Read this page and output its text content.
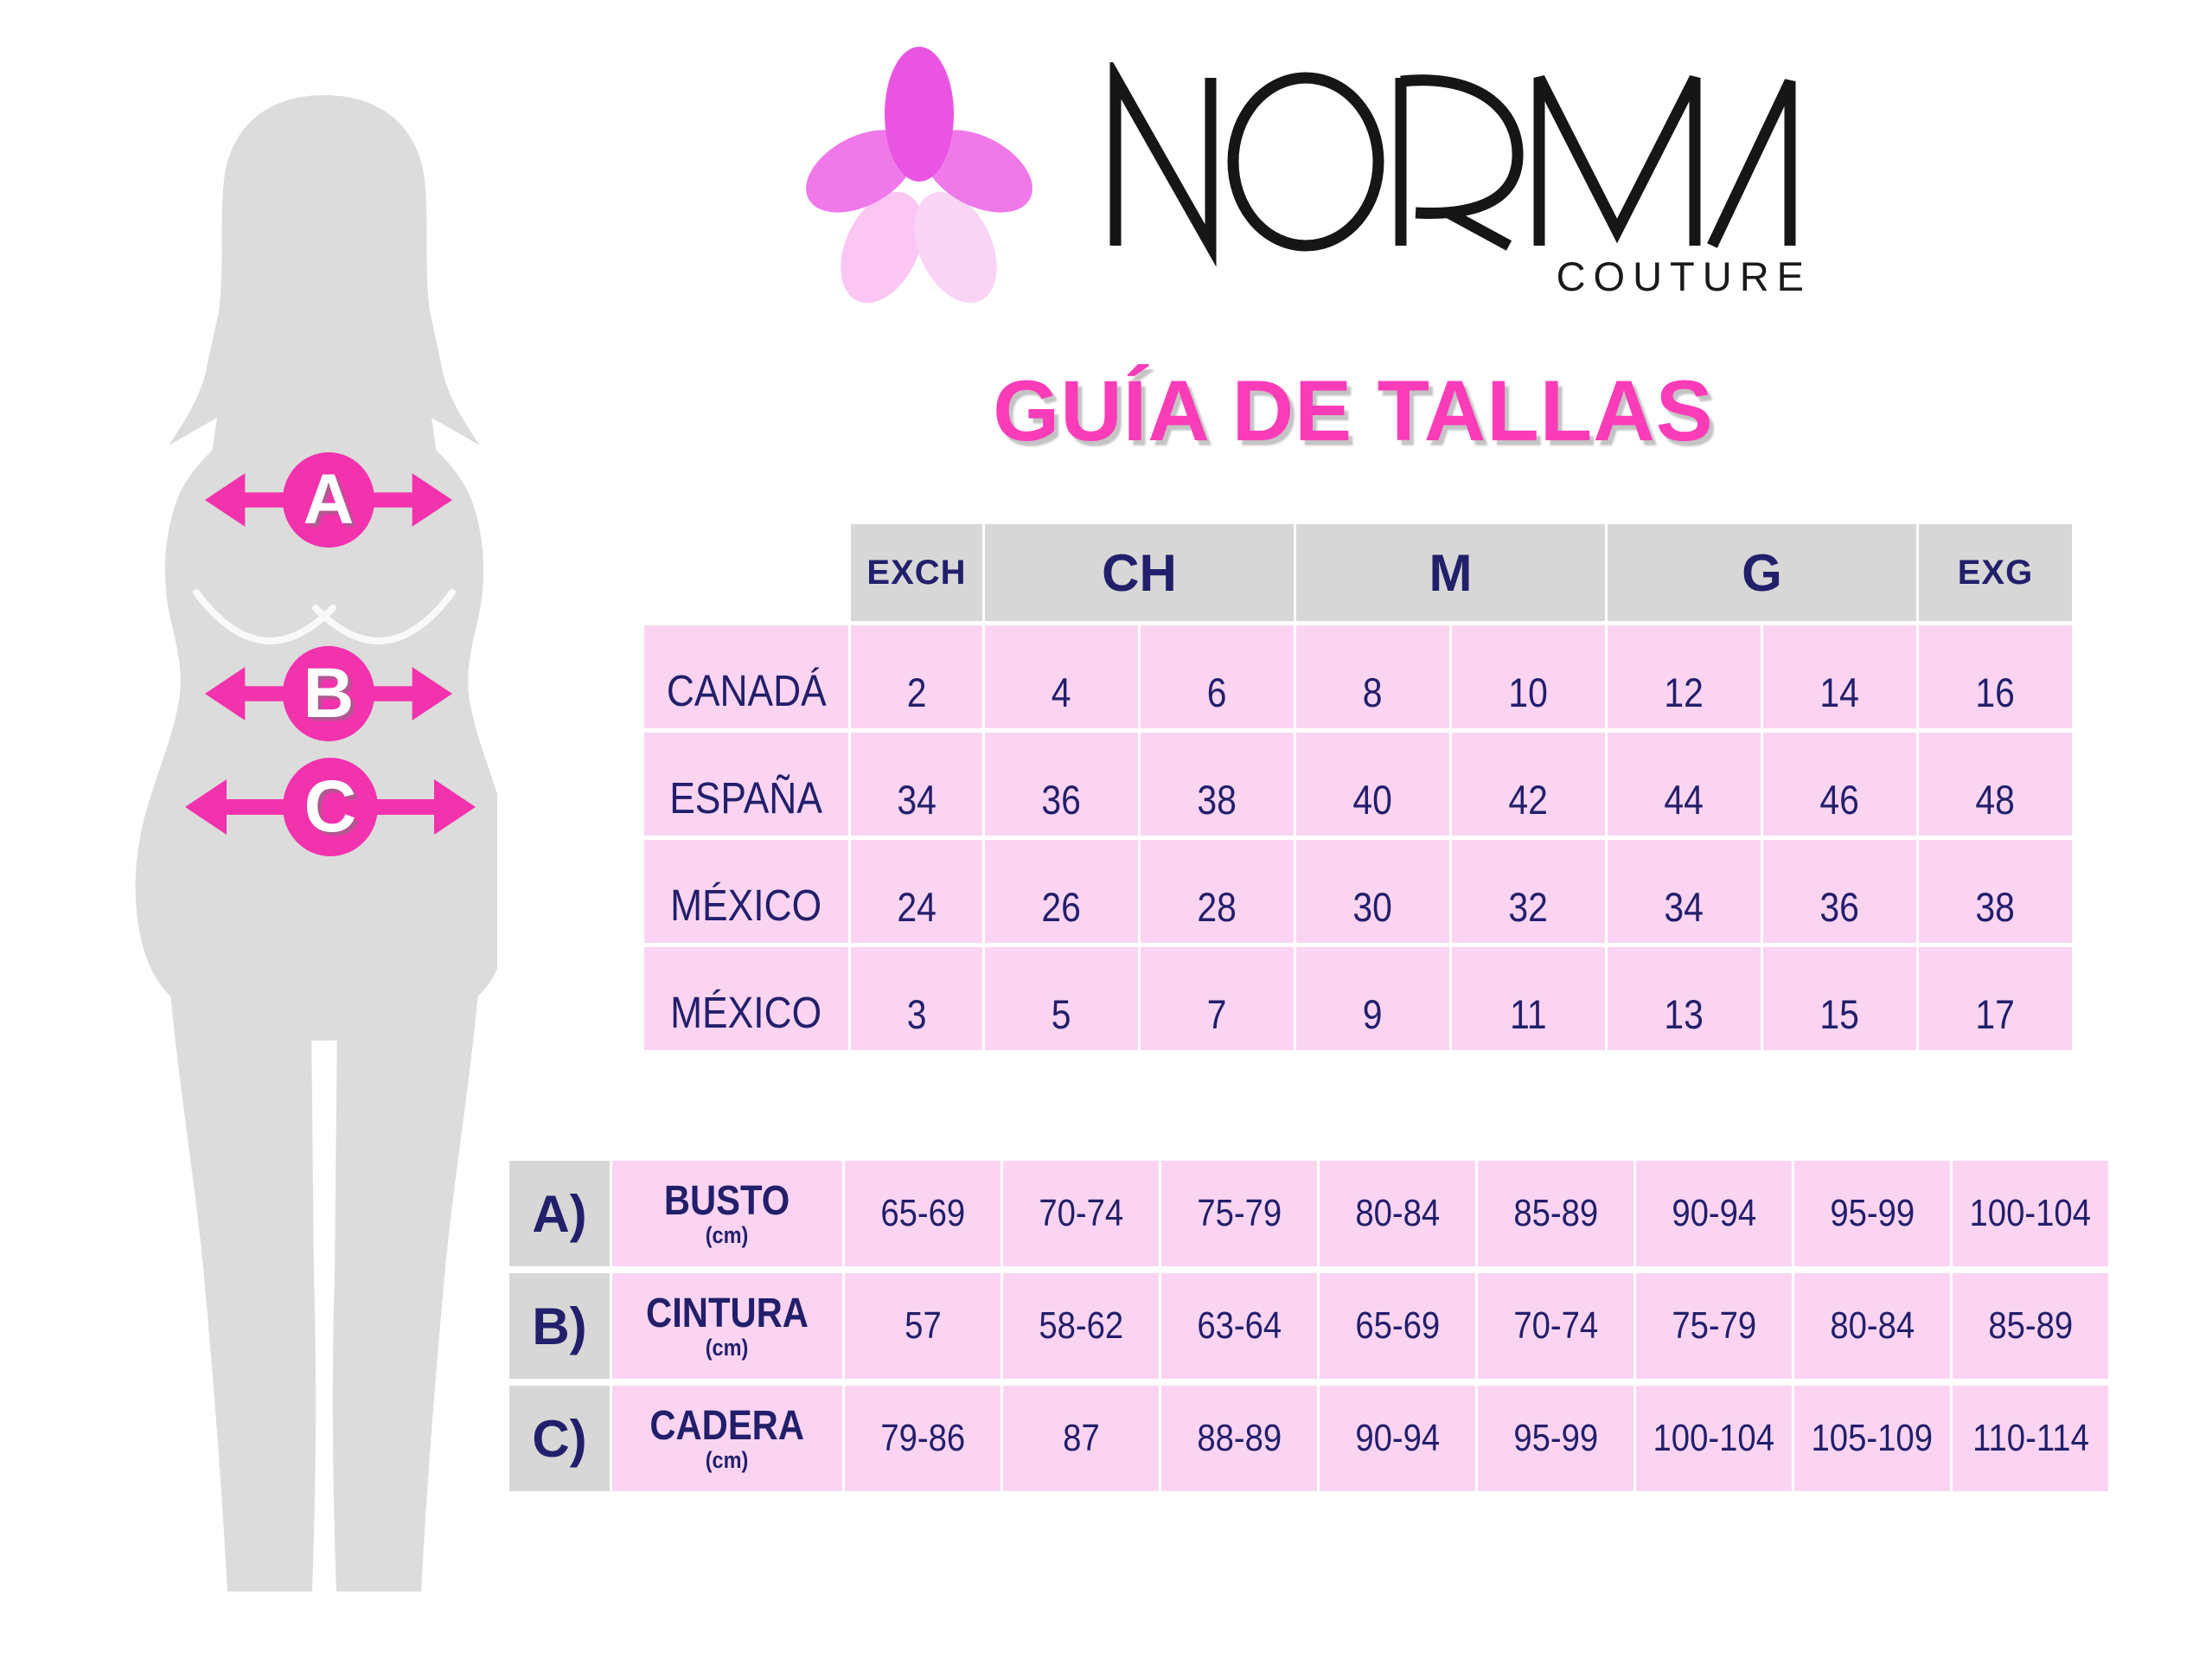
A
B
C
COUTURE
GUÍA DE TALLAS
EXCH	CH	M	G	EXG
CANADÁ 2	4	6	8	10	12	14	16
ESPAÑA 34	36	38	40	42	44	46	48
MÉXICO 24	26	28	30	32	34	36	38
MÉXICO 3	5	7	9	11	13	15	17
A) BUSTO
(cm)
65-69 70-74 75-79 80-84 85-89 90-94 95-99 100-104
B) CINTURA
(cm)
57	58-62 63-64 65-69 70-74 75-79 80-84 85-89
C) CADERA
(cm)
79-86	87	88-89 90-94 95-99 100-104 105-109 110-114
